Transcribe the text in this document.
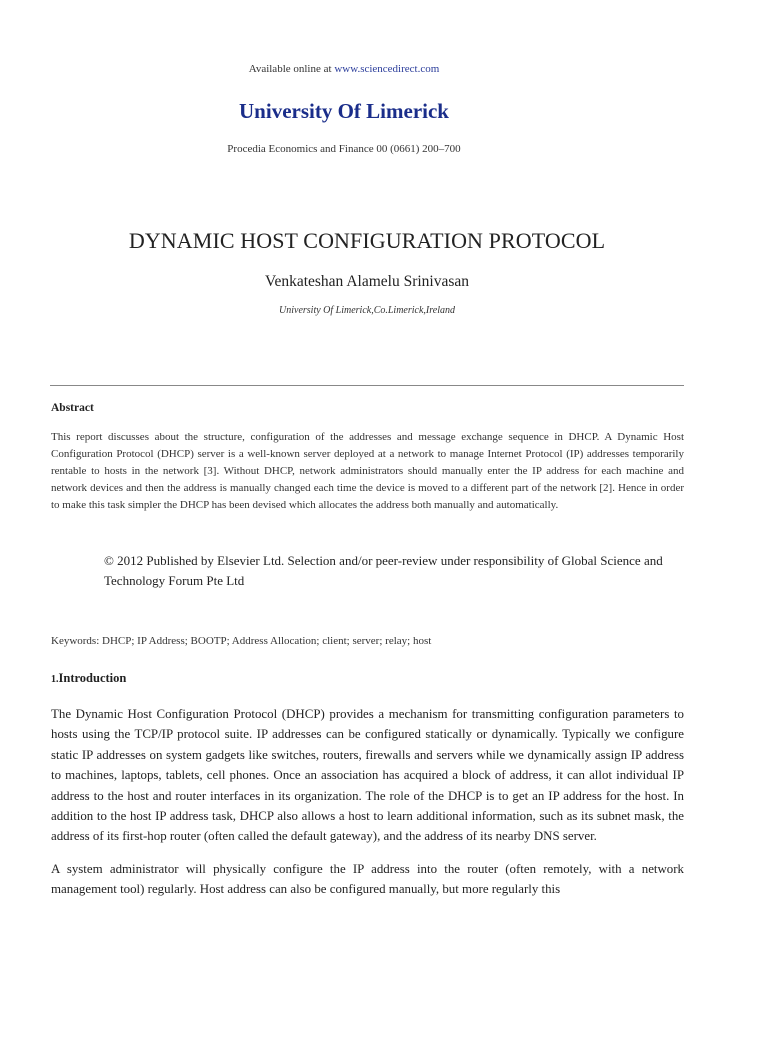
Available online at www.sciencedirect.com
University Of Limerick
Procedia Economics and Finance 00 (0661) 200–700
DYNAMIC HOST CONFIGURATION PROTOCOL
Venkateshan Alamelu Srinivasan
University Of Limerick,Co.Limerick,Ireland
Abstract
This report discusses about the structure, configuration of the addresses and message exchange sequence in DHCP. A Dynamic Host Configuration Protocol (DHCP) server is a well-known server deployed at a network to manage Internet Protocol (IP) addresses temporarily rentable to hosts in the network [3]. Without DHCP, network administrators should manually enter the IP address for each machine and network devices and then the address is manually changed each time the device is moved to a different part of the network [2]. Hence in order to make this task simpler the DHCP has been devised which allocates the address both manually and automatically.
© 2012 Published by Elsevier Ltd. Selection and/or peer-review under responsibility of Global Science and Technology Forum Pte Ltd
Keywords: DHCP; IP Address; BOOTP; Address Allocation; client; server; relay; host
1.Introduction
The Dynamic Host Configuration Protocol (DHCP) provides a mechanism for transmitting configuration parameters to hosts using the TCP/IP protocol suite. IP addresses can be configured statically or dynamically. Typically we configure static IP addresses on system gadgets like switches, routers, firewalls and servers while we dynamically assign IP address to machines, laptops, tablets, cell phones. Once an association has acquired a block of address, it can allot individual IP address to the host and router interfaces in its organization. The role of the DHCP is to get an IP address for the host. In addition to the host IP address task, DHCP also allows a host to learn additional information, such as its subnet mask, the address of its first-hop router (often called the default gateway), and the address of its nearby DNS server.
A system administrator will physically configure the IP address into the router (often remotely, with a network management tool) regularly. Host address can also be configured manually, but more regularly this
